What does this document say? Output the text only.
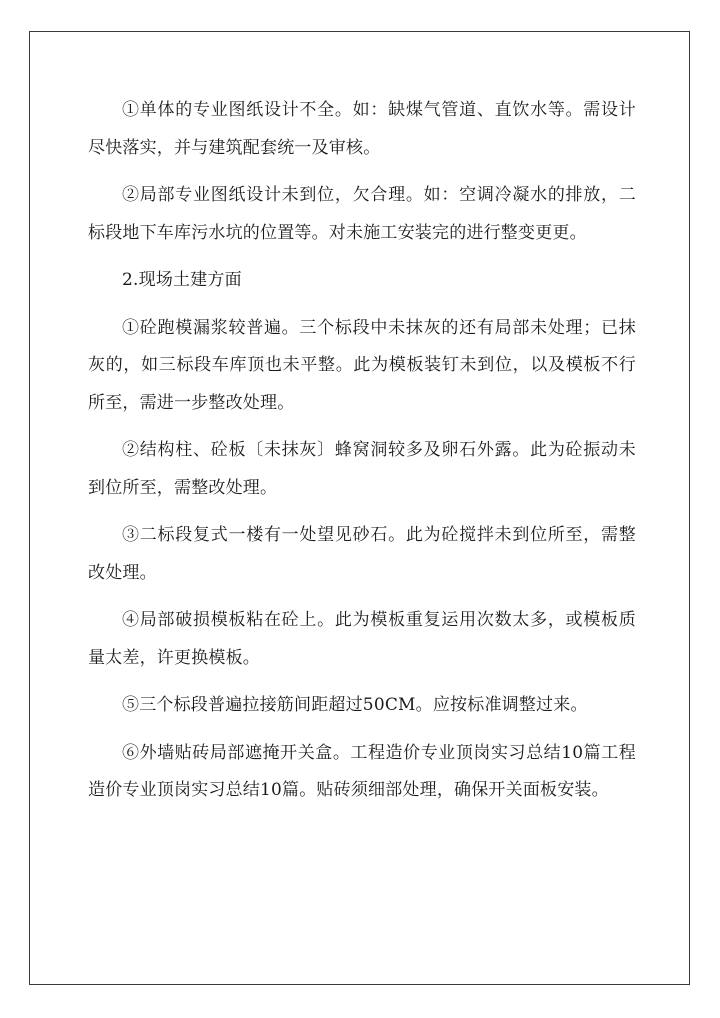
①单体的专业图纸设计不全。如：缺煤气管道、直饮水等。需设计尽快落实，并与建筑配套统一及审核。

②局部专业图纸设计未到位，欠合理。如：空调冷凝水的排放，二标段地下车库污水坑的位置等。对未施工安装完的进行整变更更。

2.现场土建方面

①砼跑模漏浆较普遍。三个标段中未抹灰的还有局部未处理；已抹灰的，如三标段车库顶也未平整。此为模板装钉未到位，以及模板不行所至，需进一步整改处理。

②结构柱、砼板〔未抹灰〕蜂窝洞较多及卵石外露。此为砼振动未到位所至，需整改处理。

③二标段复式一楼有一处望见砂石。此为砼搅拌未到位所至，需整改处理。

④局部破损模板粘在砼上。此为模板重复运用次数太多，或模板质量太差，许更换模板。

⑤三个标段普遍拉接筋间距超过50CM。应按标准调整过来。

⑥外墙贴砖局部遮掩开关盒。工程造价专业顶岗实习总结10篇工程造价专业顶岗实习总结10篇。贴砖须细部处理，确保开关面板安装。
